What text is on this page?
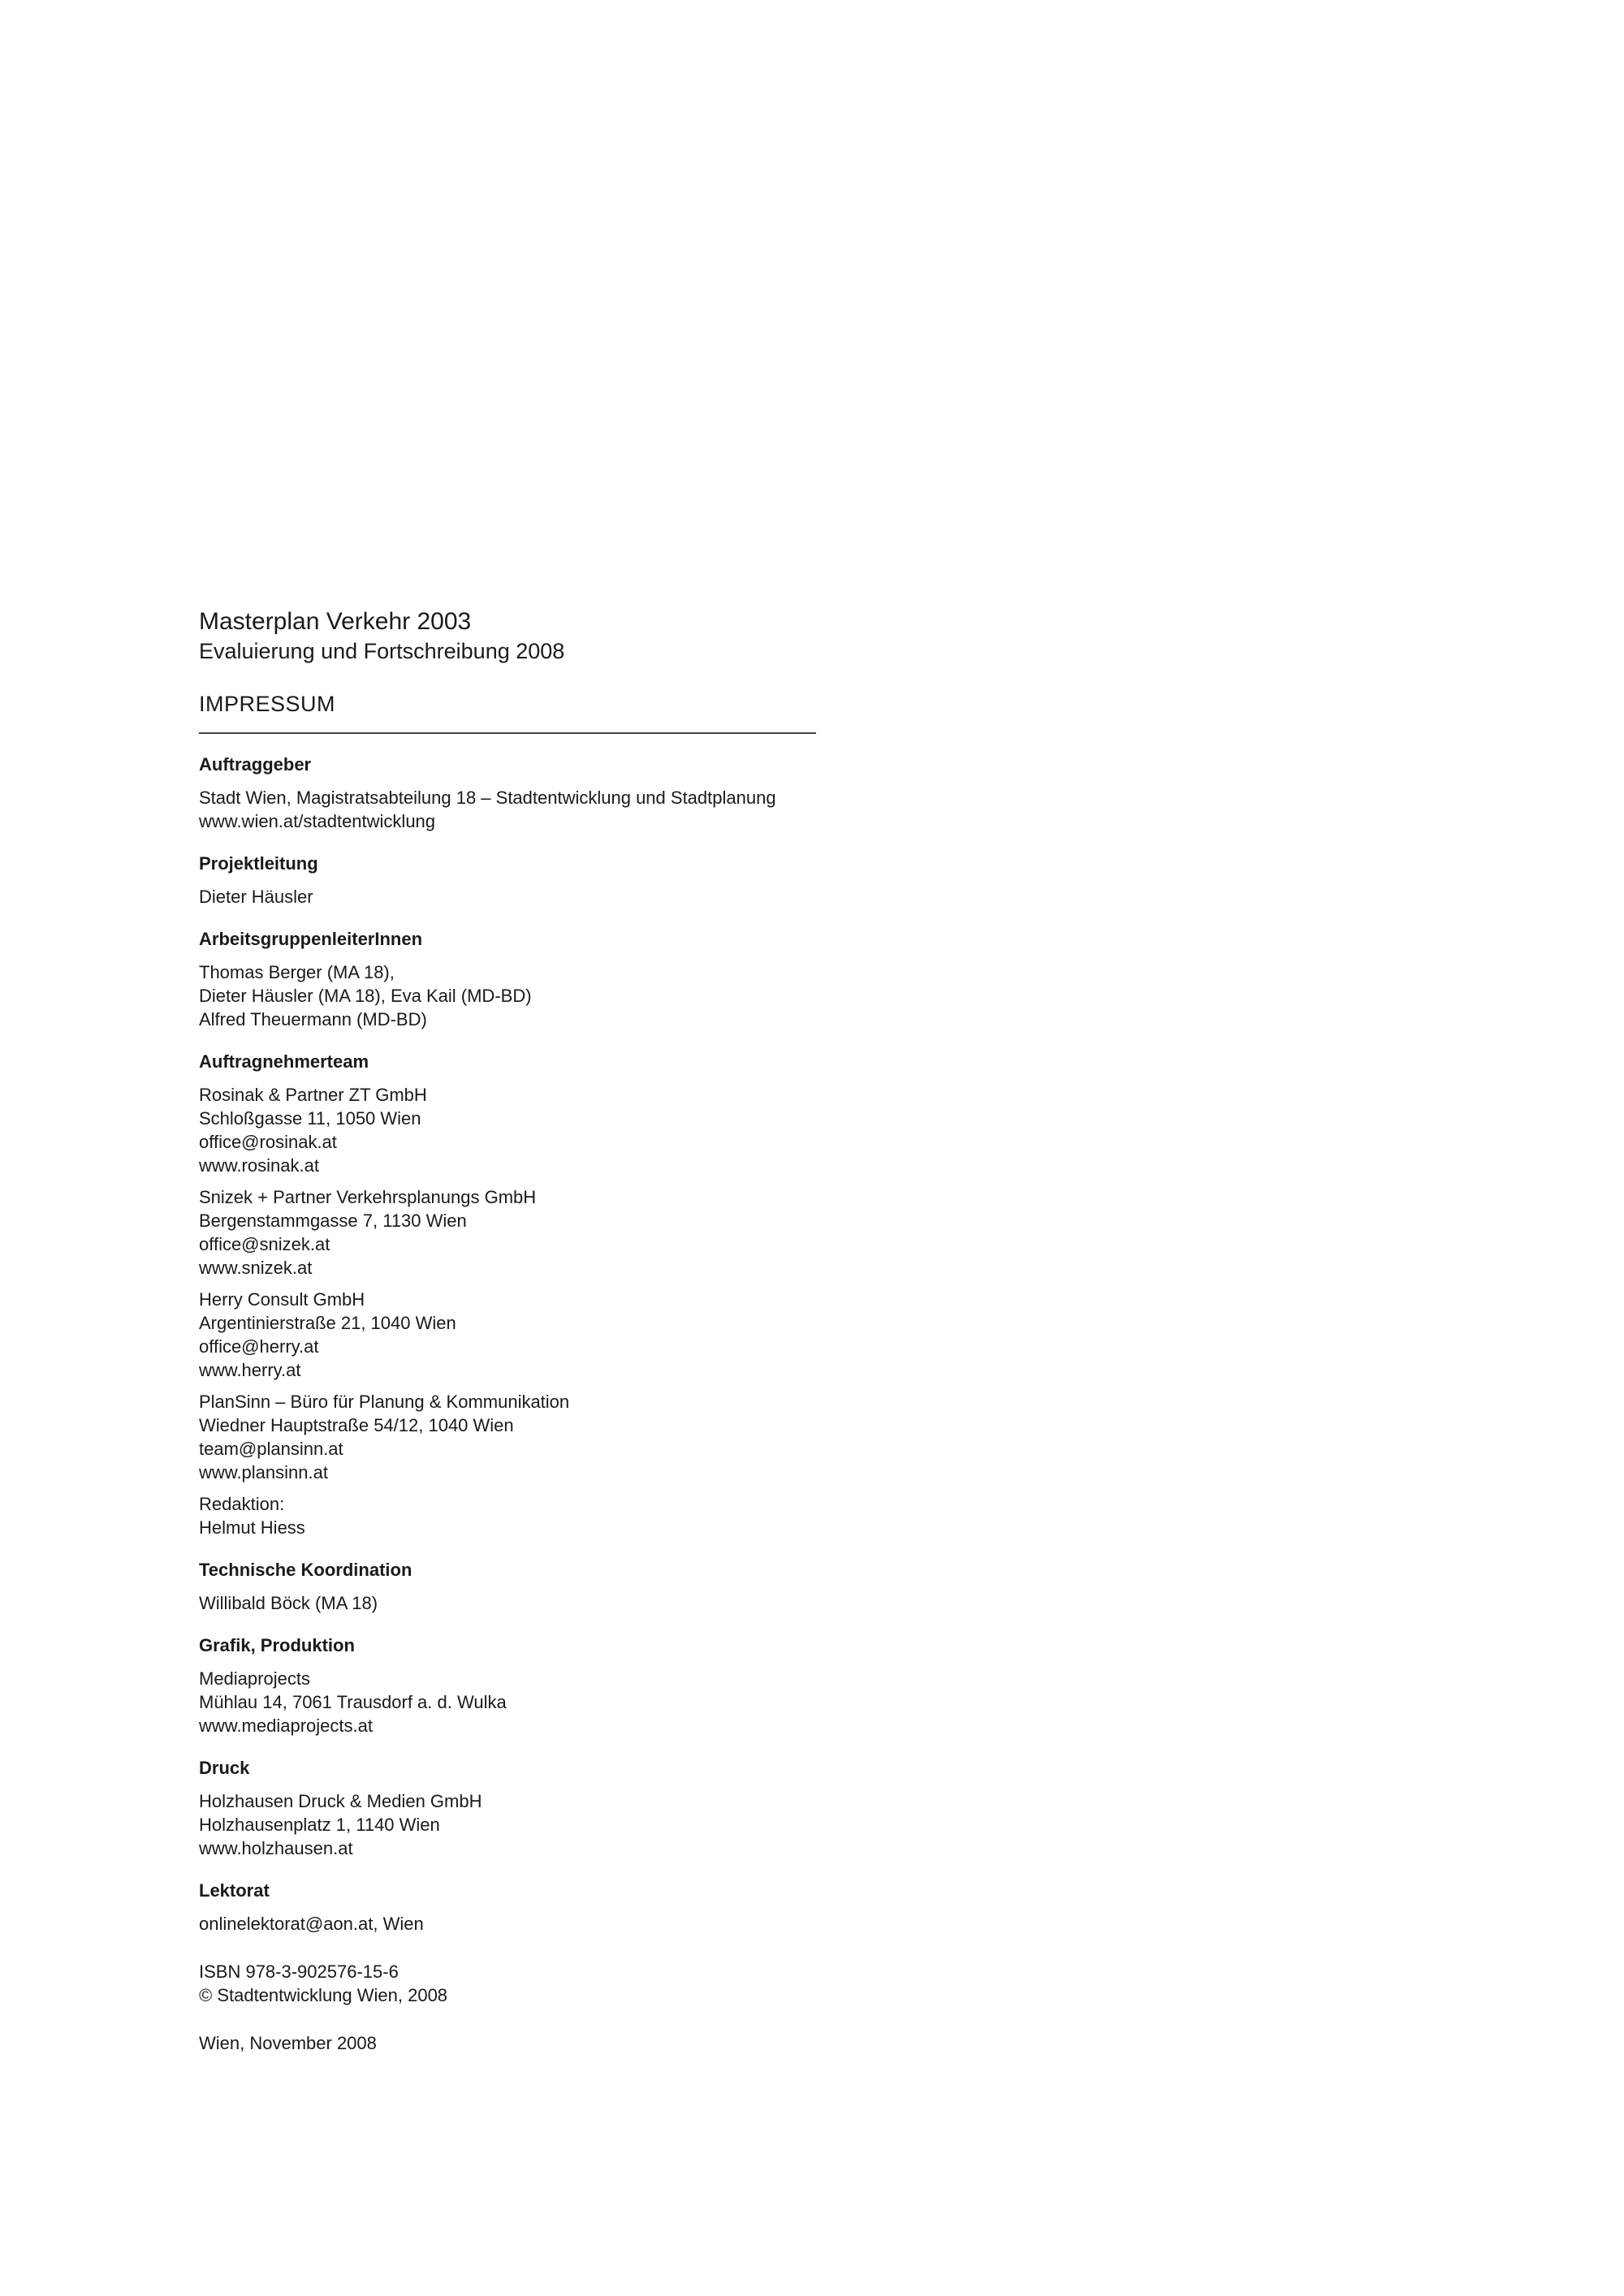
Masterplan Verkehr 2003
Evaluierung und Fortschreibung 2008
IMPRESSUM
Auftraggeber
Stadt Wien, Magistratsabteilung 18 – Stadtentwicklung und Stadtplanung
www.wien.at/stadtentwicklung
Projektleitung
Dieter Häusler
ArbeitsgruppenleiterInnen
Thomas Berger (MA 18),
Dieter Häusler (MA 18), Eva Kail (MD-BD)
Alfred Theuermann (MD-BD)
Auftragnehmerteam
Rosinak & Partner ZT GmbH
Schloßgasse 11, 1050 Wien
office@rosinak.at
www.rosinak.at
Snizek + Partner Verkehrsplanungs GmbH
Bergenstammgasse 7, 1130 Wien
office@snizek.at
www.snizek.at
Herry Consult GmbH
Argentinierstraße 21, 1040 Wien
office@herry.at
www.herry.at
PlanSinn – Büro für Planung & Kommunikation
Wiedner Hauptstraße 54/12, 1040 Wien
team@plansinn.at
www.plansinn.at
Redaktion:
Helmut Hiess
Technische Koordination
Willibald Böck (MA 18)
Grafik, Produktion
Mediaprojects
Mühlau 14, 7061 Trausdorf a. d. Wulka
www.mediaprojects.at
Druck
Holzhausen Druck & Medien GmbH
Holzhausenplatz 1, 1140 Wien
www.holzhausen.at
Lektorat
onlinelektorat@aon.at, Wien
ISBN 978-3-902576-15-6
© Stadtentwicklung Wien, 2008
Wien, November 2008
